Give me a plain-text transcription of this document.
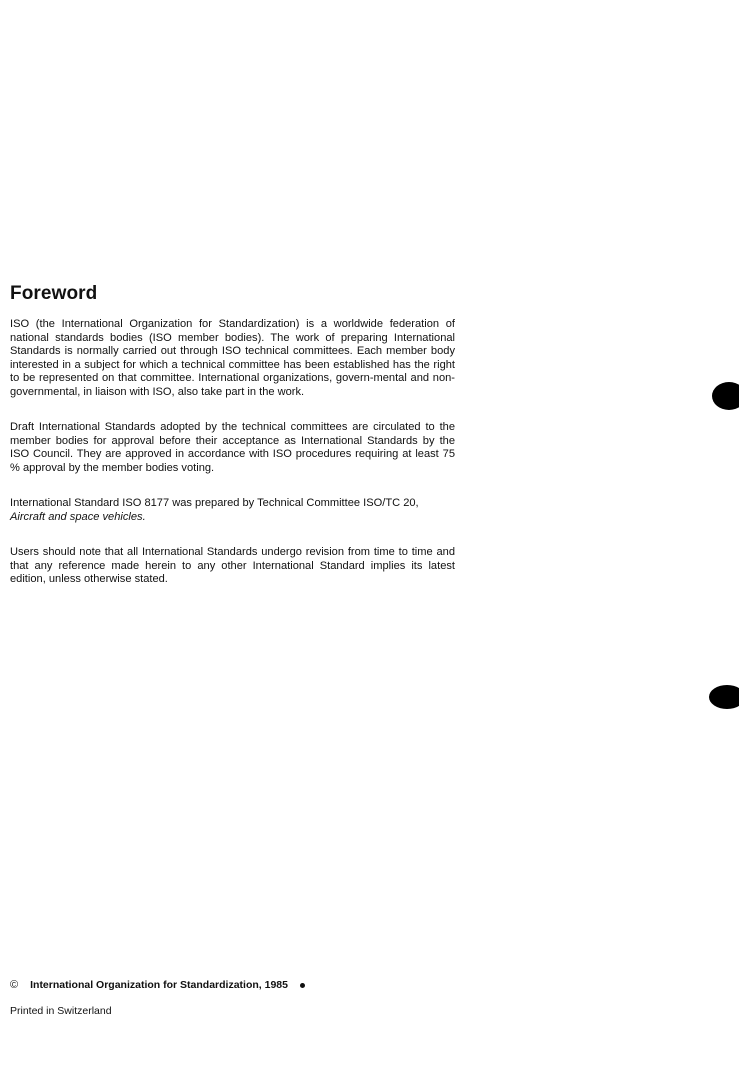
Foreword

ISO (the International Organization for Standardization) is a worldwide federation of national standards bodies (ISO member bodies). The work of preparing International Standards is normally carried out through ISO technical committees. Each member body interested in a subject for which a technical committee has been established has the right to be represented on that committee. International organizations, govern-mental and non-governmental, in liaison with ISO, also take part in the work.

Draft International Standards adopted by the technical committees are circulated to the member bodies for approval before their acceptance as International Standards by the ISO Council. They are approved in accordance with ISO procedures requiring at least 75 % approval by the member bodies voting.

International Standard ISO 8177 was prepared by Technical Committee ISO/TC 20,
Aircraft and space vehicles.

Users should note that all International Standards undergo revision from time to time and that any reference made herein to any other International Standard implies its latest edition, unless otherwise stated.

© International Organization for Standardization, 1985
Printed in Switzerland
